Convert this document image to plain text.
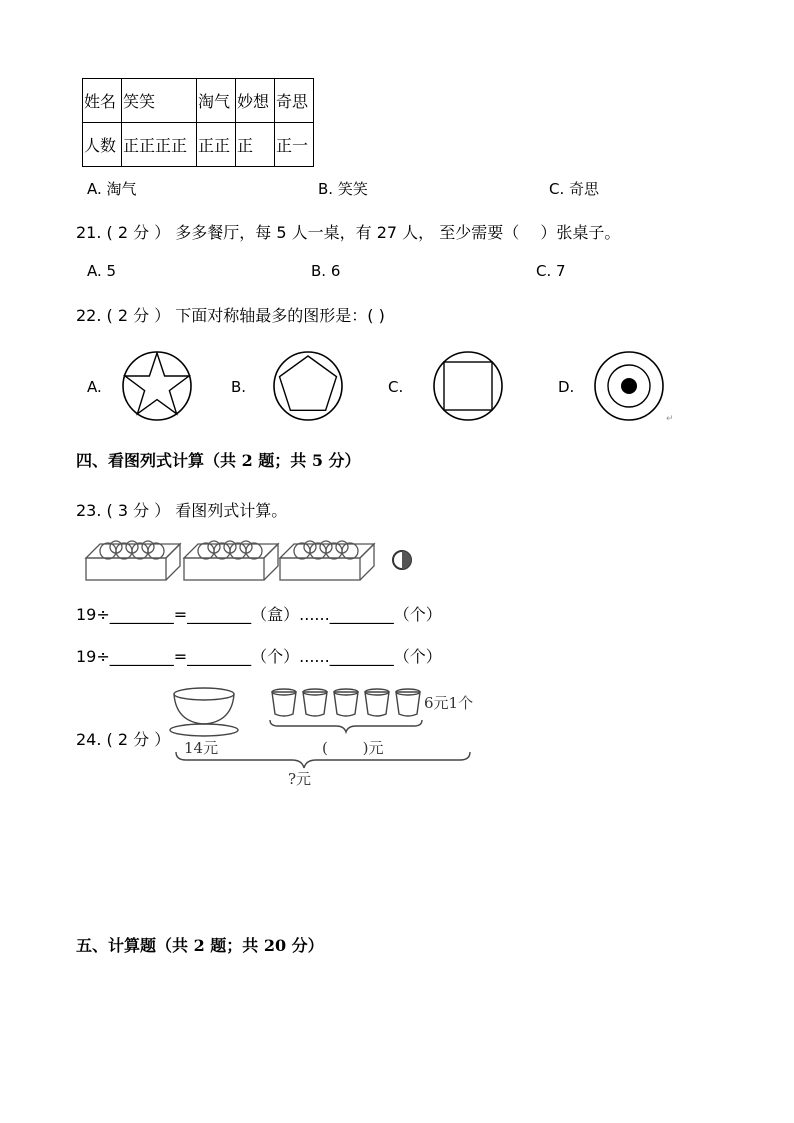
姓名	笑笑	淘气	妙想	奇思
人数	正正正正	正正	正	正一
A. 淘气	B. 笑笑	C. 奇思
21. ( 2 分 ） 多多餐厅，每 5 人一桌，有 27 人， 至少需要（　 ）张桌子。
A. 5	B. 6	C. 7
22. ( 2 分 ） 下面对称轴最多的图形是：( )
A.	B.	C.	D.
↵
四、看图列式计算（共 2 题；共 5 分）
23. ( 3 分 ） 看图列式计算。
19÷________=________（盒）......________（个）
19÷________=________（个）......________（个）
24. ( 2 分 ）
6元1个
14元	(　　 )元
?元
五、计算题（共 2 题；共 20 分）
